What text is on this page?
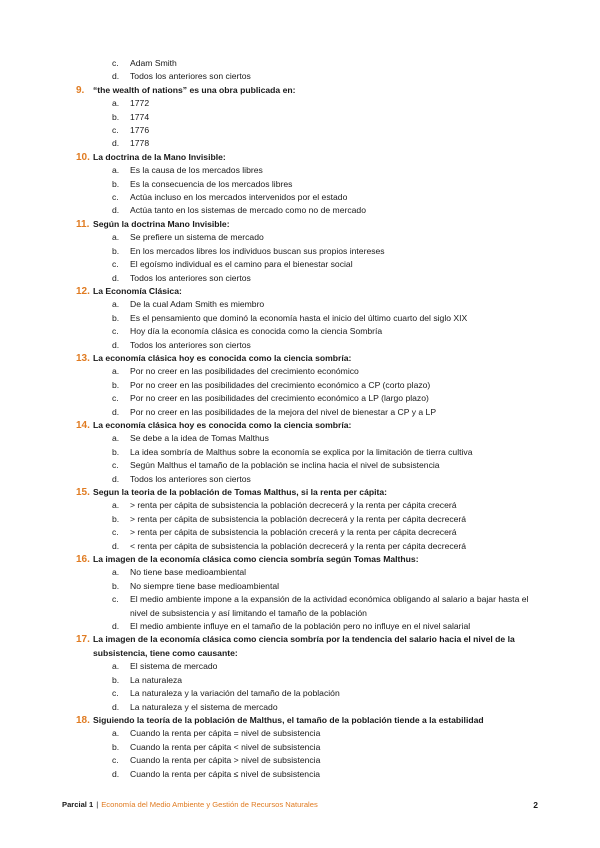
c.	Adam Smith
d.	Todos los anteriores son ciertos
9.	“the wealth of nations” es una obra publicada en:
a.	1772
b.	1774
c.	1776
d.	1778
10. La doctrina de la Mano Invisible:
a.	Es la causa de los mercados libres
b.	Es la consecuencia de los mercados libres
c.	Actúa incluso en los mercados intervenidos por el estado
d.	Actúa tanto en los sistemas de mercado como no de mercado
11. Según la doctrina Mano Invisible:
a.	Se prefiere un sistema de mercado
b.	En los mercados libres los individuos buscan sus propios intereses
c.	El egoísmo individual es el camino para el bienestar social
d.	Todos los anteriores son ciertos
12. La Economía Clásica:
a.	De la cual Adam Smith es miembro
b.	Es el pensamiento que dominó la economía hasta el inicio del último cuarto del siglo XIX
c.	Hoy día la economía clásica es conocida como la ciencia Sombría
d.	Todos los anteriores son ciertos
13. La economía clásica hoy es conocida como la ciencia sombría:
a.	Por no creer en las posibilidades del crecimiento económico
b.	Por no creer en las posibilidades del crecimiento económico a CP (corto plazo)
c.	Por no creer en las posibilidades del crecimiento económico a LP (largo plazo)
d.	Por no creer en las posibilidades de la mejora del nivel de bienestar a CP y a LP
14. La economía clásica hoy es conocida como la ciencia sombría:
a.	Se debe a la idea de Tomas Malthus
b.	La idea sombría de Malthus sobre la economía se explica por la limitación de tierra cultiva
c.	Según Malthus el tamaño de la población se inclina hacia el nivel de subsistencia
d.	Todos los anteriores son ciertos
15. Segun la teoria de la población de Tomas Malthus, si la renta per cápita:
a.	> renta per cápita de subsistencia la población decrecerá y la renta per cápita crecerá
b.	> renta per cápita de subsistencia la población decrecerá y la renta per cápita decrecerá
c.	> renta per cápita de subsistencia la población crecerá y la renta per cápita decrecerá
d.	< renta per cápita de subsistencia la población decrecerá y la renta per cápita decrecerá
16. La imagen de la economía clásica como ciencia sombría según Tomas Malthus:
a.	No tiene base medioambiental
b.	No siempre tiene base medioambiental
c.	El medio ambiente impone a la expansión de la actividad económica obligando al salario a bajar hasta el nivel de subsistencia y así limitando el tamaño de la población
d.	El medio ambiente influye en el tamaño de la población pero no influye en el nivel salarial
17. La imagen de la economía clásica como ciencia sombría por la tendencia del salario hacia el nivel de la subsistencia, tiene como causante:
a.	El sistema de mercado
b.	La naturaleza
c.	La naturaleza y la variación del tamaño de la población
d.	La naturaleza y el sistema de mercado
18. Siguiendo la teoría de la población de Malthus, el tamaño de la población tiende a la estabilidad
a.	Cuando la renta per cápita = nivel de subsistencia
b.	Cuando la renta per cápita < nivel de subsistencia
c.	Cuando la renta per cápita > nivel de subsistencia
d.	Cuando la renta per cápita ≤ nivel de subsistencia
Parcial 1 | Economía del Medio Ambiente y Gestión de Recursos Naturales	2
